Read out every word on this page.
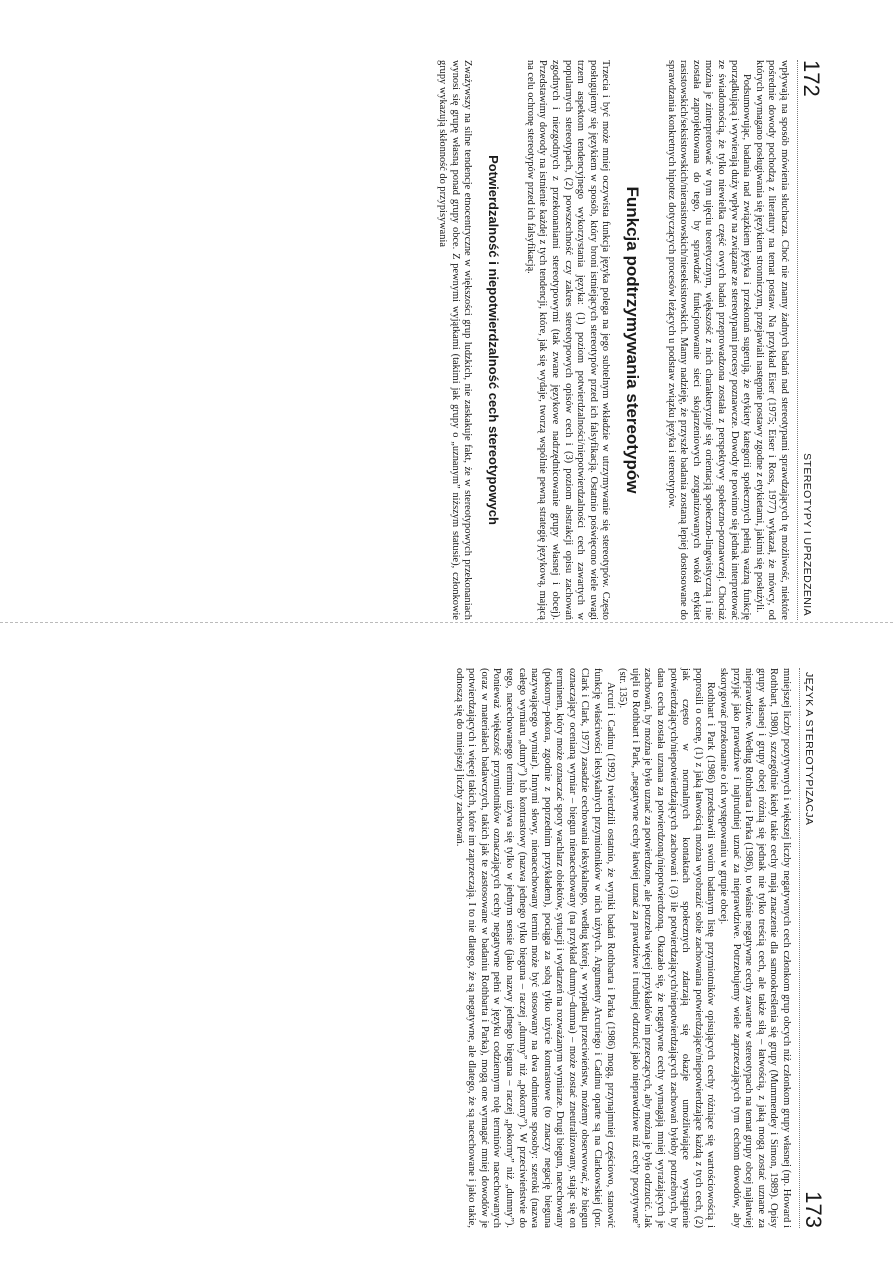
172
STEREOTYPY I UPRZEDZENIA

wpływają na sposób mówienia słuchacza. Choć nie znamy żadnych badań nad stereotypami sprawdzających tę możliwość, niektóre pośrednie dowody pochodzą z literatury na temat postaw. Na przykład Eiser (1975; Eiser i Ross, 1977) wykazał, że mówcy, od których wymagano posługiwania się językiem stronniczym, przejawiali następnie postawy zgodne z etykietami, jakimi się posłużyli.

Podsumowując, badania nad związkiem języka i przekonań sugerują, że etykiety kategorii społecznych pełnią ważną funkcję porządkującą i wywierają duży wpływ na związane ze stereotypami procesy poznawcze. Dowody te powinno się jednak interpretować ze świadomością, że tylko niewielka część owych badań przeprowadzona została z perspektywy społeczno-poznawczej. Chociaż można je zinterpretować w tym ujęciu teoretycznym, większość z nich charakteryzuje się orientacją społeczno-lingwistyczną i nie została zaprojektowana do tego, by sprawdzać funkcjonowanie sieci skojarzeniowych zorganizowanych wokół etykiet rasistowskich/seksistowskich/nierasistowskich/nieseksistowskich. Mamy nadzieję, że przyszłe badania zostaną lepiej dostosowane do sprawdzania konkretnych hipotez dotyczących procesów leżących u podstaw związku języka i stereotypów.

Funkcja podtrzymywania stereotypów

Trzecia i być może mniej oczywista funkcja języka polega na jego subtelnym wkładzie w utrzymywanie się stereotypów. Często posługujemy się językiem w sposób, który broni istniejących stereotypów przed ich falsyfikacją. Ostatnio poświęcono wiele uwagi trzem aspektom tendencyjnego wykorzystania języka: (1) poziom potwierdzalności/niepotwierdzalności cech zawartych w popularnych stereotypach, (2) powszechność czy zakres stereotypowych opisów cech i (3) poziom abstrakcji opisu zachowań zgodnych i niezgodnych z przekonaniami stereotypowymi (tak zwane językowe nadrzędnicowanie grupy własnej i obcej). Przedstawimy dowody na istnienie każdej z tych tendencji, które, jak się wydaje, tworzą wspólnie pewną strategię językową, mającą na celu ochronę stereotypów przed ich falsyfikacją.

Potwierdzalność i niepotwierdzalność cech stereotypowych

Zważywszy na silne tendencje etnocentryczne w większości grup ludzkich, nie zaskakuje fakt, że w stereotypowych przekonaniach wynosi się grupę własną ponad grupy obce. Z pewnymi wyjątkami (takimi jak grupy o „uznanym” niższym statusie), członkowie grupy wykazują skłonność do przypisywania

JĘZYK A STEREOTYPIZACJA
173

mniejszej liczby pozytywnych i większej liczby negatywnych cech członkom grup obcych niż członkom grupy własnej (np. Howard i Rothbart, 1980), szczególnie kiedy takie cechy mają znaczenie dla samookreślenia się grupy (Mummendey i Simon, 1989). Opisy grupy własnej i grupy obcej różnią się jednak nie tylko treścią cech, ale także siłą – łatwością, z jaką mogą zostać uznane za nieprawdziwe. Według Rothbarta i Parka (1986), to właśnie negatywne cechy zawarte w stereotypach na temat grupy obcej najłatwiej przyjąć jako prawdziwe i najtrudniej uznać za nieprawdziwe. Potrzebujemy wiele zaprzeczających tym cechom dowodów, aby skorygować przekonanie o ich występowaniu w grupie obcej.

Rothbart i Park (1986) przedstawili swoim badanym listę przymiotników opisujących cechy różniące się wartościowością i poprosili o ocenę, (1) z jaką łatwością można wyobrazić sobie zachowania potwierdzające/niepotwierdzające każdą z tych cech, (2) jak często w normalnych kontaktach społecznych zdarzają się okazje umożliwiające wystąpienie potwierdzających/niepotwierdzających zachowań i (3) ile potwierdzających/niepotwierdzających zachowań byłoby potrzebnych, by dana cecha została uznana za potwierdzoną/niepotwierdzoną. Okazało się, że negatywne cechy wymagają mniej wyrażających je zachowań, by można je było uznać za potwierdzone, ale potrzeba więcej przykładów im przeczących, aby można je było odrzucić. Jak ujęli to Rothbart i Park, „negatywne cechy łatwiej uznać za prawdziwe i trudniej odrzucić jako nieprawdziwe niż cechy pozytywne” (str. 135).

Arcuri i Cadinu (1992) twierdzili ostatnio, że wyniki badań Rothbarta i Parka (1986) mogą, przynajmniej częściowo, stanowić funkcję właściwości leksykalnych przymiotników w nich użytych. Argumenty Arcuriego i Cadinu oparte są na Clarkowskiej (por. Clark i Clark, 1977) zasadzie cechowania leksykalnego, według której, w wypadku przeciwieństw, możemy obserwować, że biegun oznaczający ocenianą wymiar – biegun nienacechowany (na przykład dumny–dumna) – może zostać zneutralizowany, stając się on terminem, który może oznaczać spory wachlarz obiektów, sytuacji i wydarzeń na rozważanym wymiarze. Drugi biegun, nacechowany (pokorny–pokora, zgodnie z poprzednim przykładem), pociąga za sobą tylko użycie kontrastowe (to znaczy negację bieguna nazywającego wymiar). Innymi słowy, nienacechowany termin może być stosowany na dwa odmienne sposoby: szeroki (nazwa całego wymiaru „dumy”) lub kontrastowy (nazwa jednego tylko bieguna – raczej „dumny” niż „pokorny”). W przeciwieństwie do tego, nacechowanego terminu używa się tylko w jednym sensie (jako nazwy jednego bieguna – raczej „pokorny” niż „dumny”). Ponieważ większość przymiotników oznaczających cechy negatywne pełni w języku codziennym rolę terminów nacechowanych (oraz w materiałach badawczych, takich jak te zastosowane w badaniu Rothbarta i Parka), mogą one wymagać mniej dowodów je potwierdzających i więcej takich, które im zaprzeczają. I to nie dlatego, że są negatywne, ale dlatego, że są nacechowane i jako takie, odnoszą się do mniejszej liczby zachowań.
